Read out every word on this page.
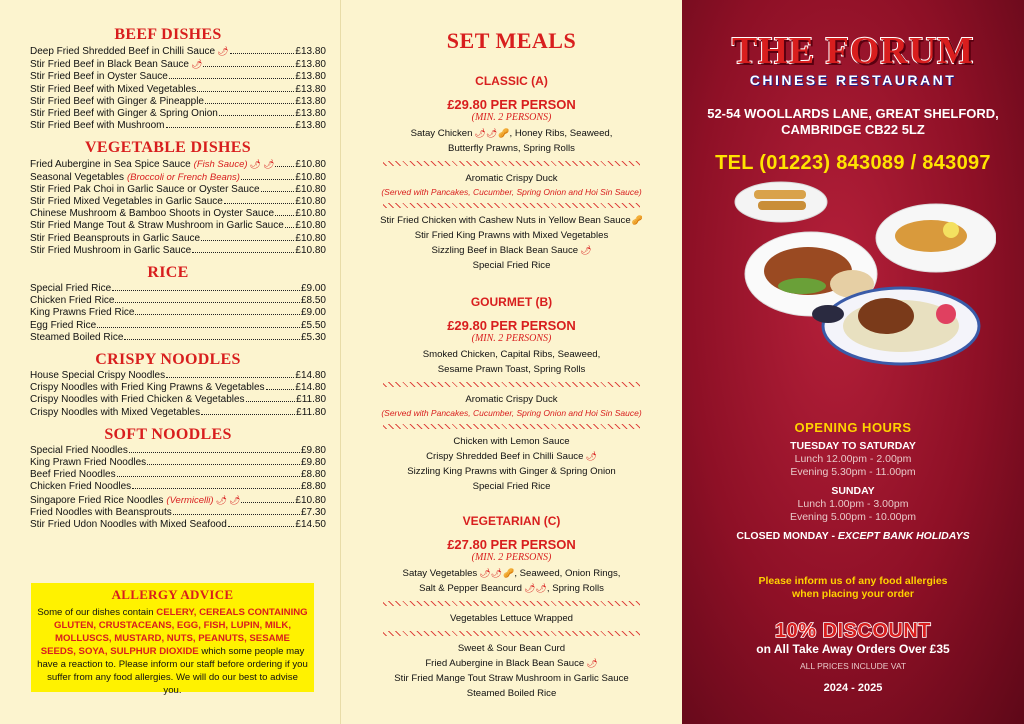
BEEF DISHES
Deep Fried Shredded Beef in Chilli Sauce 🌶	£13.80
Stir Fried Beef in Black Bean Sauce 🌶	£13.80
Stir Fried Beef in Oyster Sauce	£13.80
Stir Fried Beef with Mixed Vegetables	£13.80
Stir Fried Beef with Ginger & Pineapple	£13.80
Stir Fried Beef with Ginger & Spring Onion	£13.80
Stir Fried Beef with Mushroom	£13.80
VEGETABLE DISHES
Fried Aubergine in Sea Spice Sauce (Fish Sauce) 🌶 🌶 £10.80
Seasonal Vegetables (Broccoli or French Beans)	£10.80
Stir Fried Pak Choi in Garlic Sauce or Oyster Sauce	£10.80
Stir Fried Mixed Vegetables in Garlic Sauce	£10.80
Chinese Mushroom & Bamboo Shoots in Oyster Sauce £10.80
Stir Fried Mange Tout & Straw Mushroom in Garlic Sauce £10.80
Stir Fried Beansprouts in Garlic Sauce	£10.80
Stir Fried Mushroom in Garlic Sauce	£10.80
RICE
Special Fried Rice	£9.00
Chicken Fried Rice	£8.50
King Prawns Fried Rice	£9.00
Egg Fried Rice	£5.50
Steamed Boiled Rice	£5.30
CRISPY NOODLES
House Special Crispy Noodles	£14.80
Crispy Noodles with Fried King Prawns & Vegetables	£14.80
Crispy Noodles with Fried Chicken & Vegetables	£11.80
Crispy Noodles with Mixed Vegetables	£11.80
SOFT NOODLES
Special Fried Noodles	£9.80
King Prawn Fried Noodles	£9.80
Beef Fried Noodles	£8.80
Chicken Fried Noodles	£8.80
Singapore Fried Rice Noodles (Vermicelli) 🌶 🌶	£10.80
Fried Noodles with Beansprouts	£7.30
Stir Fried Udon Noodles with Mixed Seafood	£14.50
ALLERGY ADVICE

Some of our dishes contain CELERY, CEREALS CONTAINING GLUTEN, CRUSTACEANS, EGG, FISH, LUPIN, MILK, MOLLUSCS, MUSTARD, NUTS, PEANUTS, SESAME SEEDS, SOYA, SULPHUR DIOXIDE which some people may have a reaction to. Please inform our staff before ordering if you suffer from any food allergies. We will do our best to advise you.

SET MEALS
CLASSIC (A)
£29.80 PER PERSON
(MIN. 2 PERSONS)
Satay Chicken 🌶🌶🥜, Honey Ribs, Seaweed,
Butterfly Prawns, Spring Rolls
Aromatic Crispy Duck
(Served with Pancakes, Cucumber, Spring Onion and Hoi Sin Sauce)
Stir Fried Chicken with Cashew Nuts in Yellow Bean Sauce🥜
Stir Fried King Prawns with Mixed Vegetables
Sizzling Beef in Black Bean Sauce 🌶
Special Fried Rice
GOURMET (B)
£29.80 PER PERSON
(MIN. 2 PERSONS)
Smoked Chicken, Capital Ribs, Seaweed,
Sesame Prawn Toast, Spring Rolls
Aromatic Crispy Duck
(Served with Pancakes, Cucumber, Spring Onion and Hoi Sin Sauce)
Chicken with Lemon Sauce
Crispy Shredded Beef in Chilli Sauce 🌶
Sizzling King Prawns with Ginger & Spring Onion
Special Fried Rice
VEGETARIAN (C)
£27.80 PER PERSON
(MIN. 2 PERSONS)
Satay Vegetables 🌶🌶🥜, Seaweed, Onion Rings,
Salt & Pepper Beancurd 🌶🌶, Spring Rolls
Vegetables Lettuce Wrapped
Sweet & Sour Bean Curd
Fried Aubergine in Black Bean Sauce 🌶
Stir Fried Mange Tout Straw Mushroom in Garlic Sauce
Steamed Boiled Rice
THE FORUM
CHINESE RESTAURANT
52-54 WOOLLARDS LANE, GREAT SHELFORD,
CAMBRIDGE CB22 5LZ
TEL (01223) 843089 / 843097
OPENING HOURS
TUESDAY TO SATURDAY
Lunch 12.00pm - 2.00pm
Evening 5.30pm - 11.00pm
SUNDAY
Lunch 1.00pm - 3.00pm
Evening 5.00pm - 10.00pm
CLOSED MONDAY - EXCEPT BANK HOLIDAYS
Please inform us of any food allergies
when placing your order
10% DISCOUNT
on All Take Away Orders Over £35
ALL PRICES INCLUDE VAT
2024 - 2025
